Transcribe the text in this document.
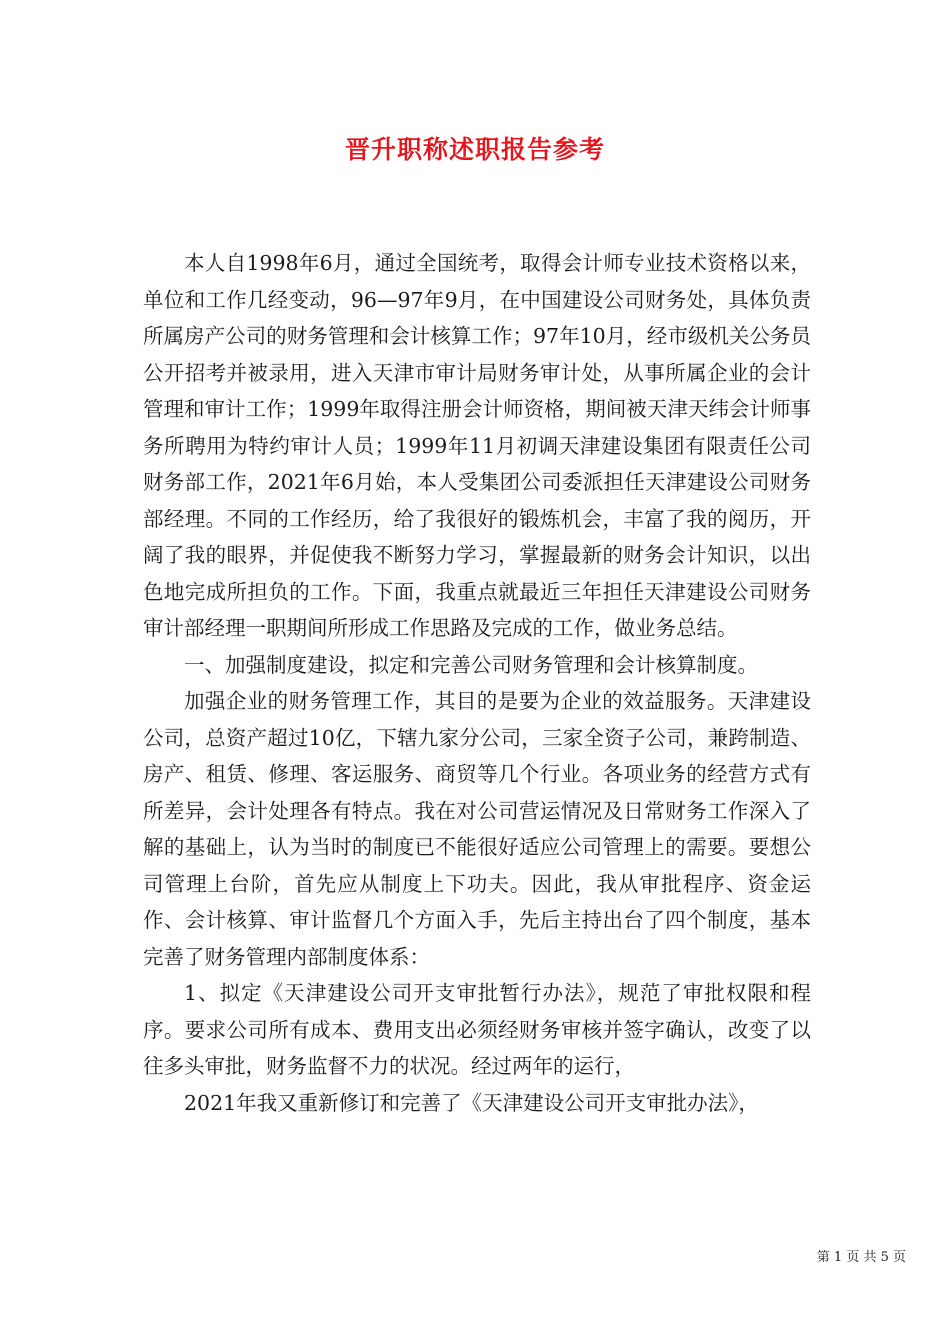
晋升职称述职报告参考

本人自1998年6月，通过全国统考，取得会计师专业技术资格以来，单位和工作几经变动，96—97年9月，在中国建设公司财务处，具体负责所属房产公司的财务管理和会计核算工作；97年10月，经市级机关公务员公开招考并被录用，进入天津市审计局财务审计处，从事所属企业的会计管理和审计工作；1999年取得注册会计师资格，期间被天津天纬会计师事务所聘用为特约审计人员；1999年11月初调天津建设集团有限责任公司财务部工作，2021年6月始，本人受集团公司委派担任天津建设公司财务部经理。不同的工作经历，给了我很好的锻炼机会，丰富了我的阅历，开阔了我的眼界，并促使我不断努力学习，掌握最新的财务会计知识，以出色地完成所担负的工作。下面，我重点就最近三年担任天津建设公司财务审计部经理一职期间所形成工作思路及完成的工作，做业务总结。

一、加强制度建设，拟定和完善公司财务管理和会计核算制度。

加强企业的财务管理工作，其目的是要为企业的效益服务。天津建设公司，总资产超过10亿，下辖九家分公司，三家全资子公司，兼跨制造、房产、租赁、修理、客运服务、商贸等几个行业。各项业务的经营方式有所差异，会计处理各有特点。我在对公司营运情况及日常财务工作深入了解的基础上，认为当时的制度已不能很好适应公司管理上的需要。要想公司管理上台阶，首先应从制度上下功夫。因此，我从审批程序、资金运作、会计核算、审计监督几个方面入手，先后主持出台了四个制度，基本完善了财务管理内部制度体系：

1、拟定《天津建设公司开支审批暂行办法》，规范了审批权限和程序。要求公司所有成本、费用支出必须经财务审核并签字确认，改变了以往多头审批，财务监督不力的状况。经过两年的运行，

2021年我又重新修订和完善了《天津建设公司开支审批办法》，

第 1 页 共 5 页
